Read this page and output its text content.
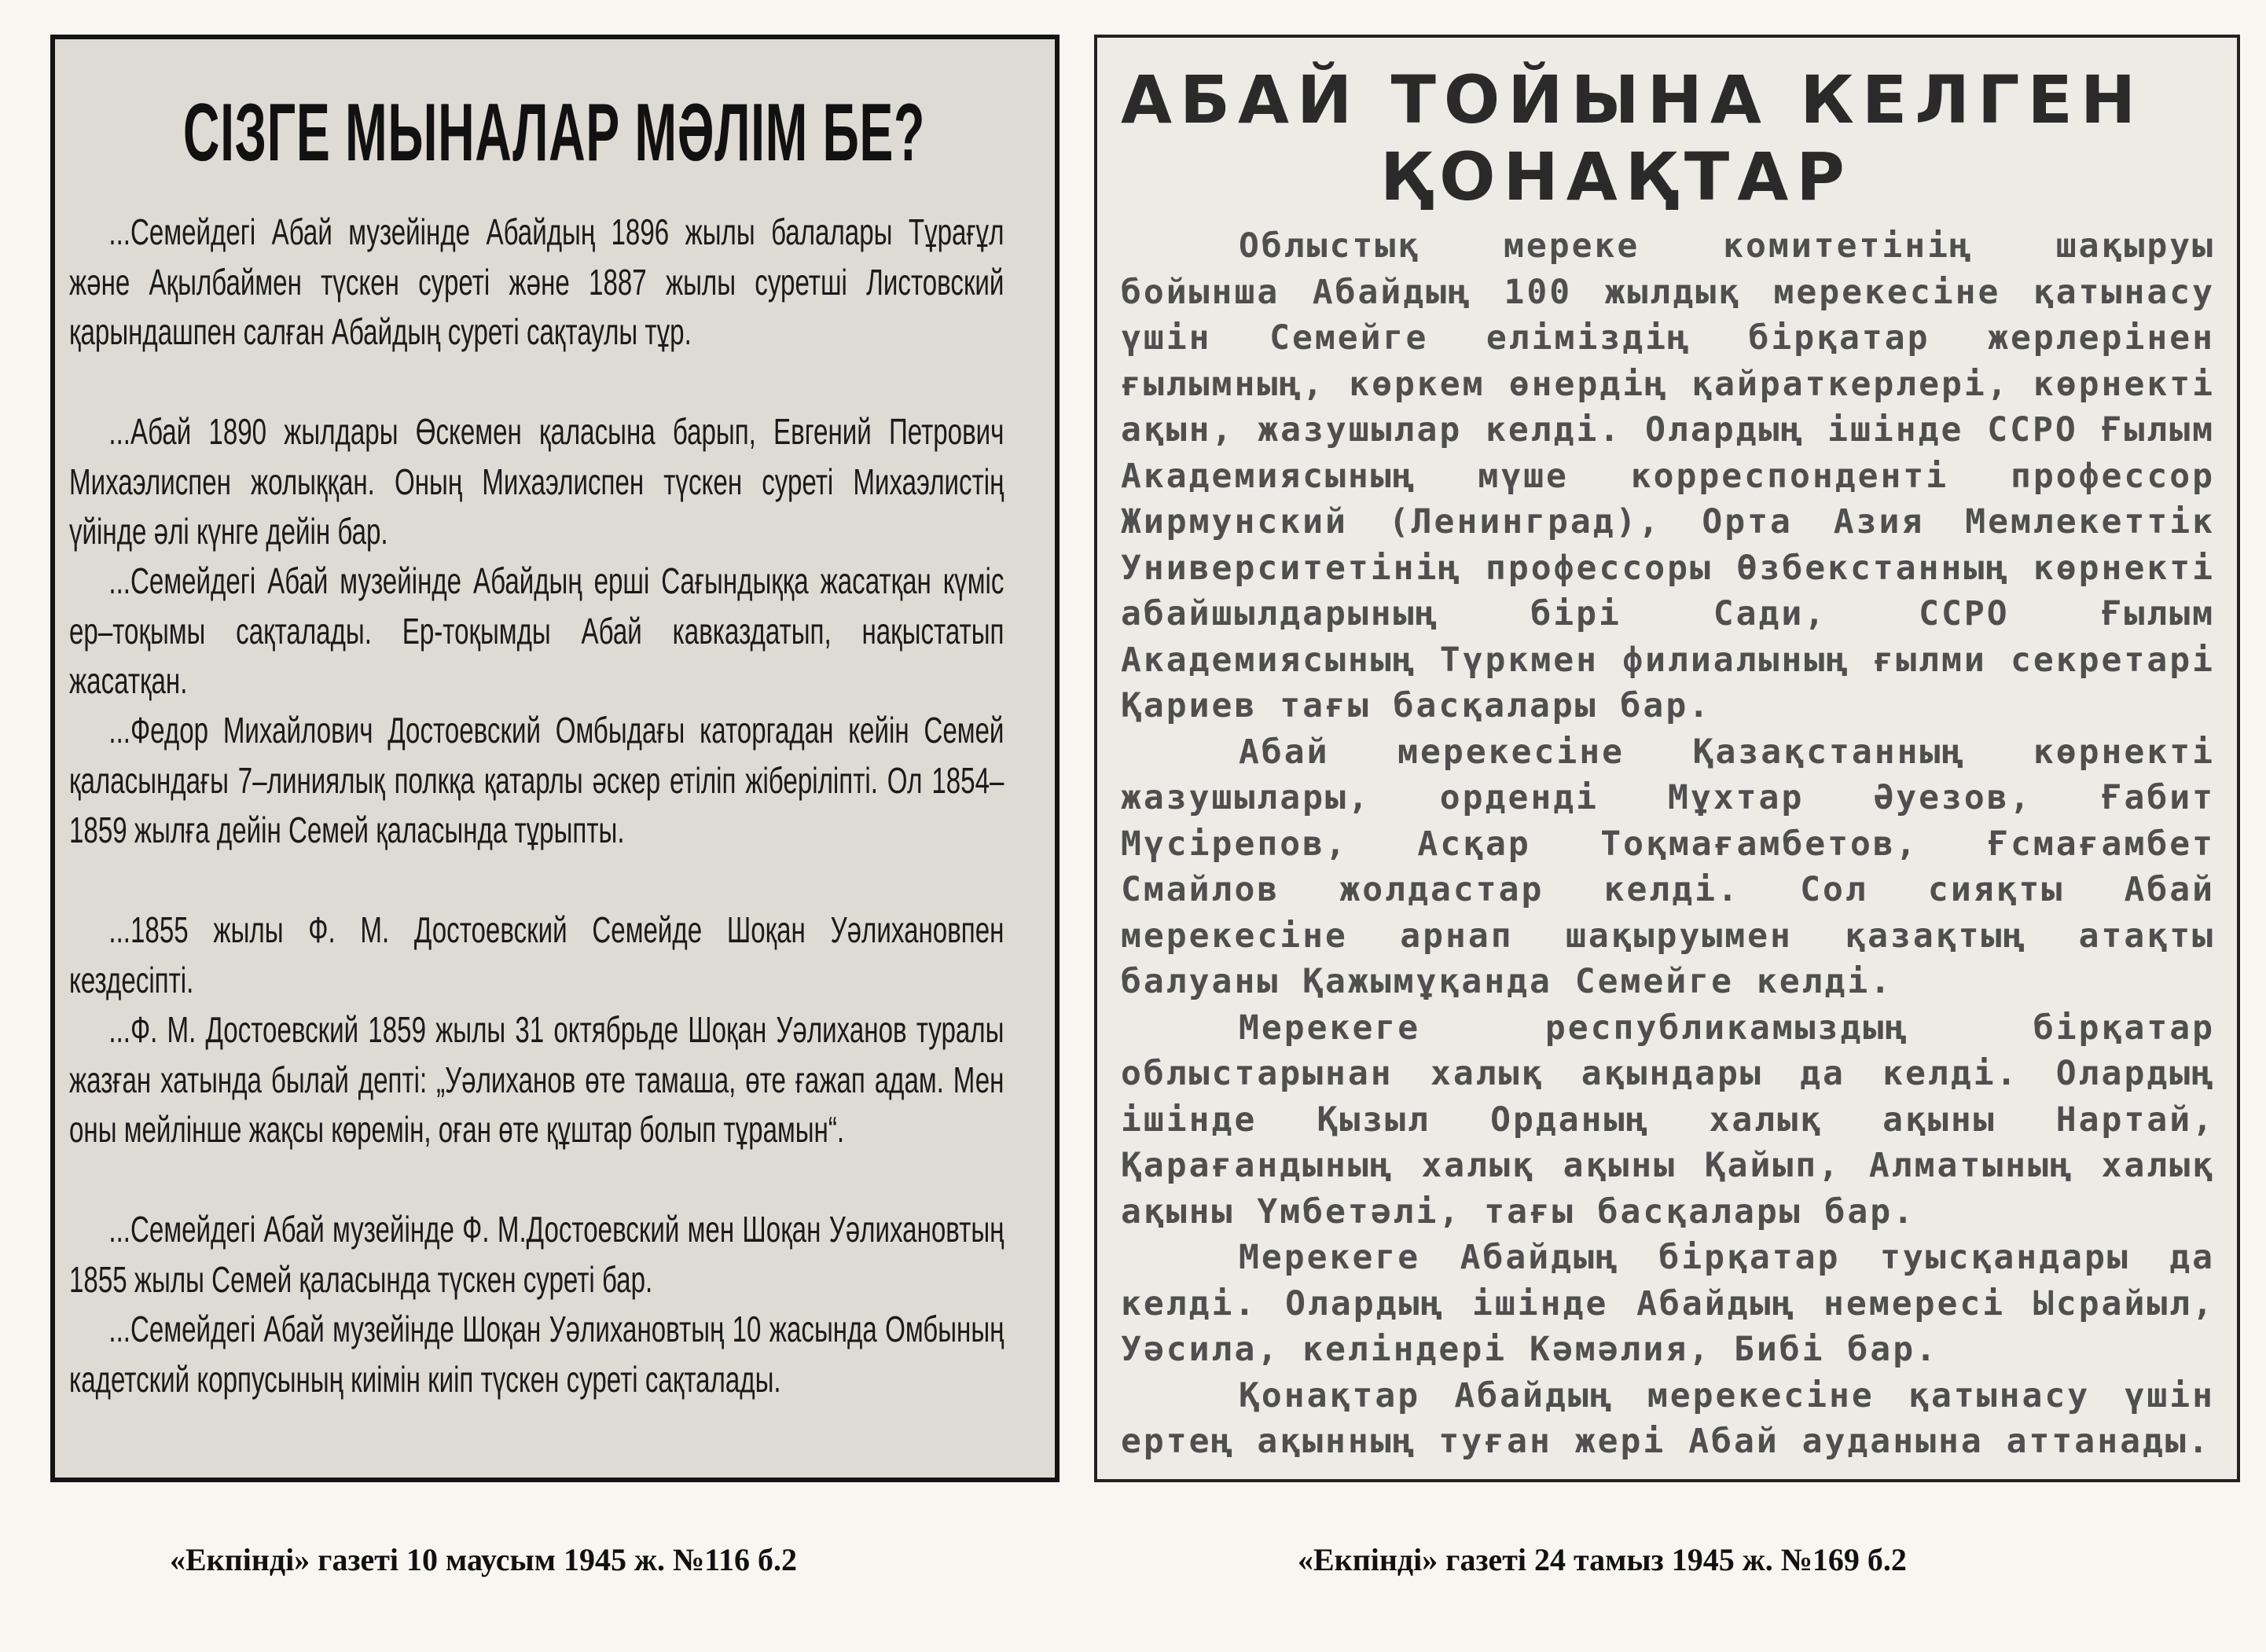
СІЗГЕ МЫНАЛАР МӘЛІМ БЕ?

...Семейдегі Абай музейінде Абайдың 1896 жылы балалары Тұрағұл және Ақылбаймен түскен суреті және 1887 жылы суретші Листовский қарындашпен салған Абайдың суреті сақтаулы тұр.

...Абай 1890 жылдары Өскемен қаласына барып, Евгений Петрович Михаэлиспен жолыққан. Оның Михаэлиспен түскен суреті Михаэлистің үйінде әлі күнге дейін бар.

...Семейдегі Абай музейінде Абайдың ерші Сағындыққа жасатқан күміс ер–тоқымы сақталады. Ер-тоқымды Абай кавказдатып, нақыстатып жасатқан.

...Федор Михайлович Достоевский Омбыдағы каторгадан кейін Семей қаласындағы 7–линиялық полкқа қатарлы әскер етіліп жіберіліпті. Ол 1854–1859 жылға дейін Семей қаласында тұрыпты.

...1855 жылы Ф. М. Достоевский Семейде Шоқан Уәлихановпен кездесіпті.

...Ф. М. Достоевский 1859 жылы 31 октябрьде Шоқан Уәлиханов туралы жазған хатында былай депті: „Уәлиханов өте тамаша, өте ғажап адам. Мен оны мейлінше жақсы көремін, оған өте құштар болып тұрамын“.

...Семейдегі Абай музейінде Ф. М.Достоевский мен Шоқан Уәлихановтың 1855 жылы Семей қаласында түскен суреті бар.

...Семейдегі Абай музейінде Шоқан Уәлихановтың 10 жасында Омбының кадетский корпусының киімін киіп түскен суреті сақталады.

АБАЙ ТОЙЫНА КЕЛГЕН
ҚОНАҚТАР

Облыстық мереке комитетінің шақыруы бойынша Абайдың 100 жылдық мерекесіне қатынасу үшін Семейге еліміздің бірқатар жерлерінен ғылымның, көркем өнердің қайраткерлері, көрнекті ақын, жазушылар келді. Олардың ішінде ССРО Ғылым Академиясының мүше корреспонденті профессор Жирмунский (Ленинград), Орта Азия Мемлекеттік Университетінің профессоры Өзбекстанның көрнекті абайшылдарының бірі Сади, ССРО Ғылым Академиясының Түркмен филиалының ғылми секретарі Қариев тағы басқалары бар.

Абай мерекесіне Қазақстанның көрнекті жазушылары, орденді Мұхтар Әуезов, Ғабит Мүсірепов, Асқар Тоқмағамбетов, Ғсмағамбет Смайлов жолдастар келді. Сол сияқты Абай мерекесіне арнап шақыруымен қазақтың атақты балуаны Қажымұқанда Семейге келді.

Мерекеге республикамыздың бірқатар облыстарынан халық ақындары да келді. Олардың ішінде Қызыл Орданың халық ақыны Нартай, Қарағандының халық ақыны Қайып, Алматының халық ақыны Үмбетәлі, тағы басқалары бар.

Мерекеге Абайдың бірқатар туысқандары да келді. Олардың ішінде Абайдың немересі Ысрайыл, Уәсила, келіндері Кәмәлия, Бибі бар.

Қонақтар Абайдың мерекесіне қатынасу үшін ертең ақынның туған жері Абай ауданына аттанады.

«Екпінді» газеті 10 маусым 1945 ж. №116 б.2	«Екпінді» газеті 24 тамыз 1945 ж. №169 б.2
